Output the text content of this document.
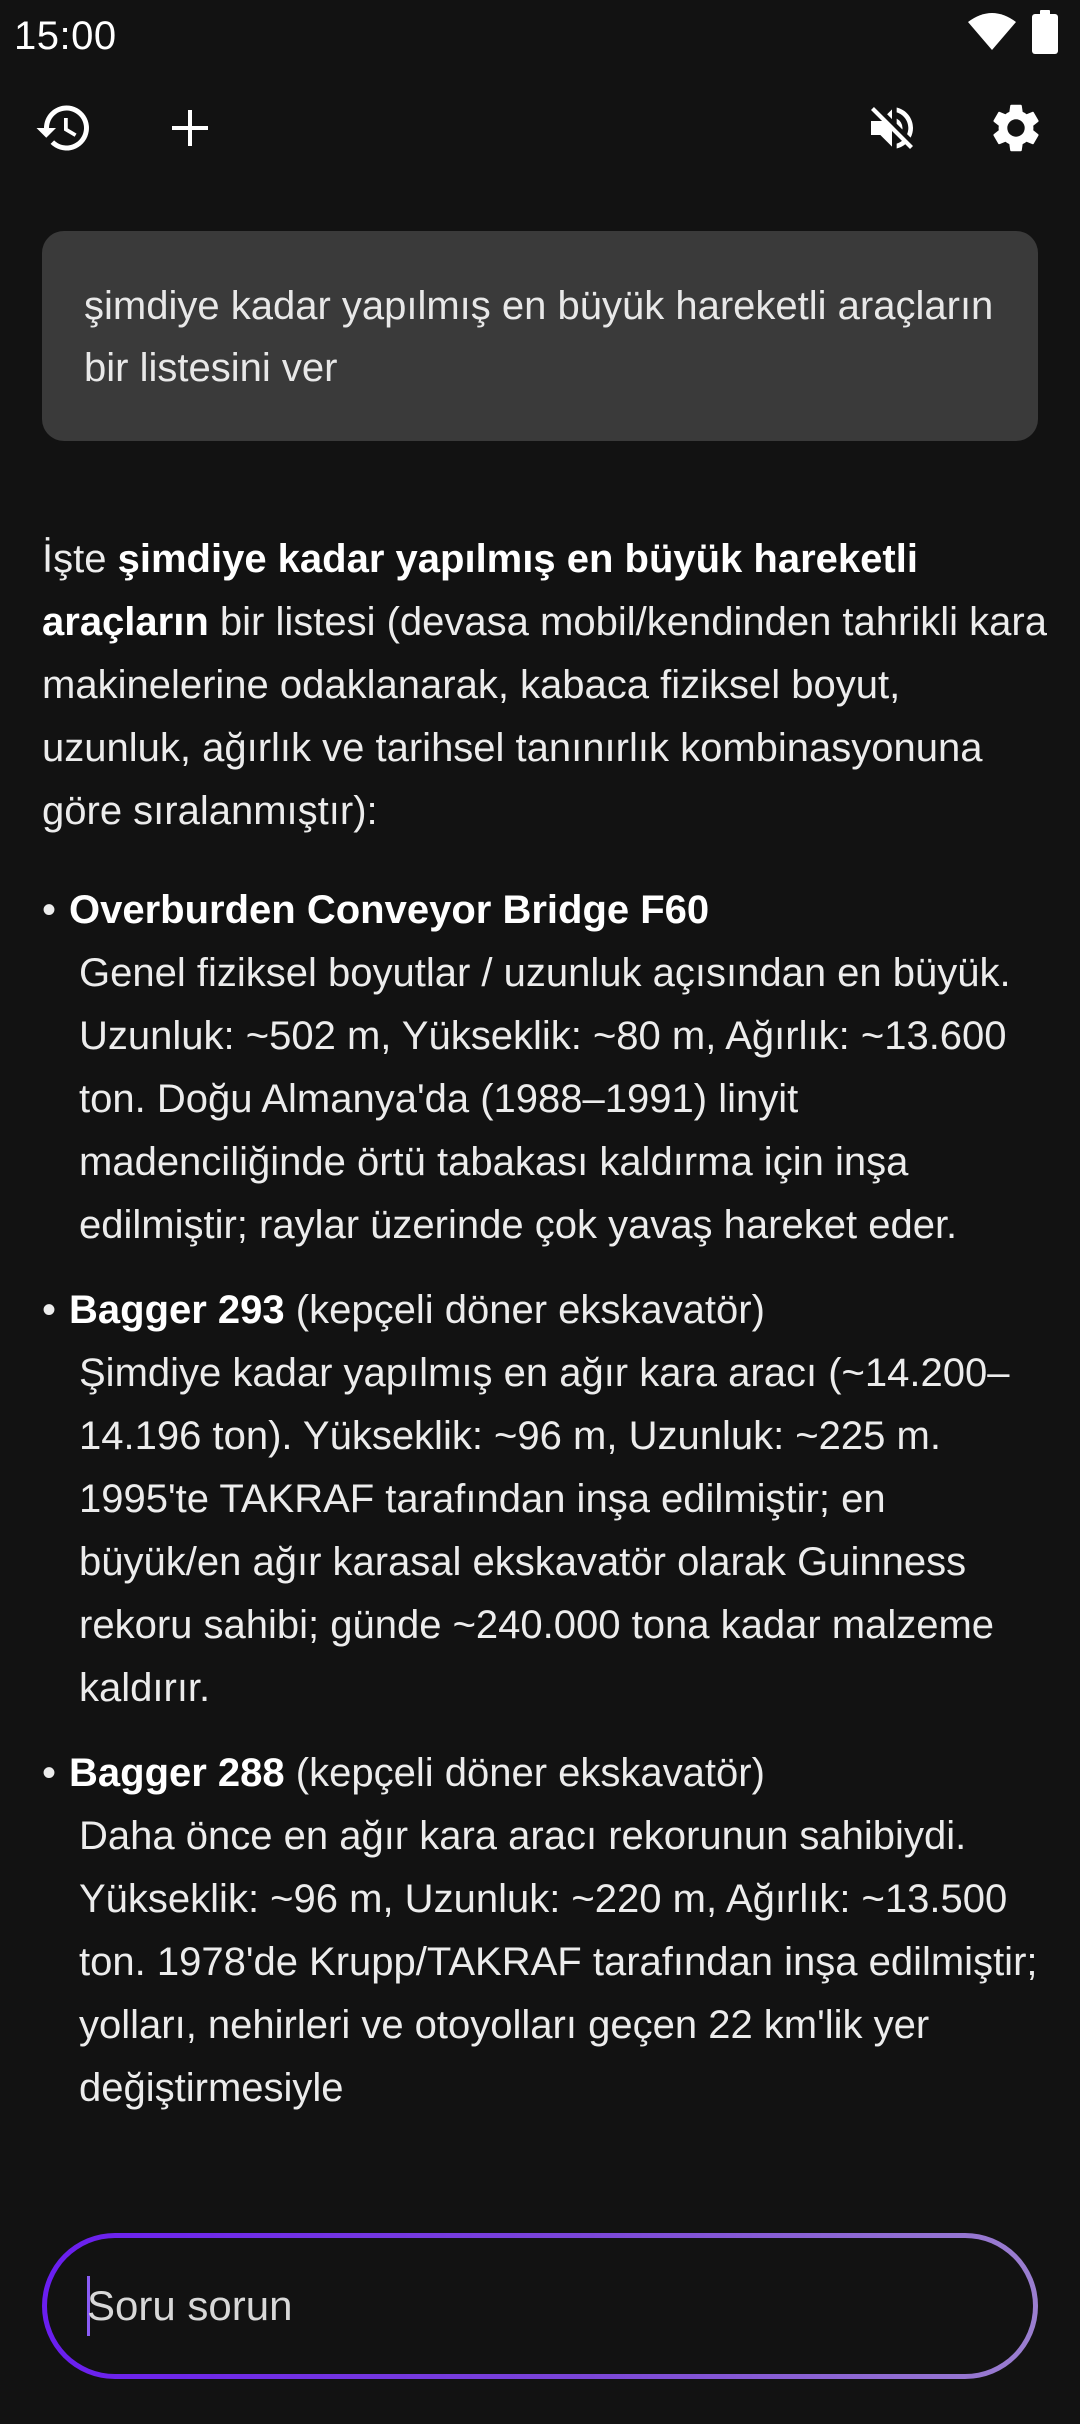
15:00
şimdiye kadar yapılmış en büyük hareketli araçların bir listesini ver

İşte şimdiye kadar yapılmış en büyük hareketli araçların bir listesi (devasa mobil/kendinden tahrikli kara makinelerine odaklanarak, kabaca fiziksel boyut, uzunluk, ağırlık ve tarihsel tanınırlık kombinasyonuna göre sıralanmıştır):

• Overburden Conveyor Bridge F60
Genel fiziksel boyutlar / uzunluk açısından en büyük. Uzunluk: ~502 m, Yükseklik: ~80 m, Ağırlık: ~13.600 ton. Doğu Almanya'da (1988–1991) linyit madenciliğinde örtü tabakası kaldırma için inşa edilmiştir; raylar üzerinde çok yavaş hareket eder.
• Bagger 293 (kepçeli döner ekskavatör)
Şimdiye kadar yapılmış en ağır kara aracı (~14.200–14.196 ton). Yükseklik: ~96 m, Uzunluk: ~225 m. 1995'te TAKRAF tarafından inşa edilmiştir; en büyük/en ağır karasal ekskavatör olarak Guinness rekoru sahibi; günde ~240.000 tona kadar malzeme kaldırır.
• Bagger 288 (kepçeli döner ekskavatör)
Daha önce en ağır kara aracı rekorunun sahibiydi. Yükseklik: ~96 m, Uzunluk: ~220 m, Ağırlık: ~13.500 ton. 1978'de Krupp/TAKRAF tarafından inşa edilmiştir; yolları, nehirleri ve otoyolları geçen 22 km'lik yer değiştirmesiyle
Soru sorun
